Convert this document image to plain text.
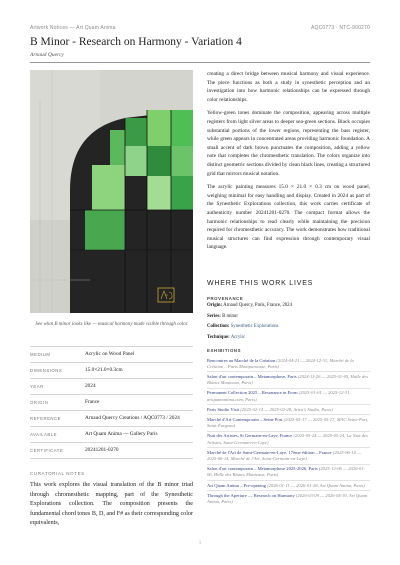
Artwork Notices — Art Quam Anima	AQC0773 · NTC-900270
B Minor - Research on Harmony - Variation 4
Arnaud Quercy
See what B minor looks like — musical harmony made visible through color
MEDIUM	Acrylic on Wood Panel
DIMENSIONS	15.0×21.0×0.3cm
YEAR	2024
ORIGIN	France
REFERENCE	Arnaud Quercy Creations / AQC0773 / 2024
AVAILABLE	Art Quam Anima — Gallery Paris
CERTIFICATE	20241201-0270
CURATORIAL NOTES
This work explores the visual translation of the B minor triad through chromesthetic mapping, part of the Synesthetic Explorations collection. The composition presents the fundamental chord tones B, D, and F# as their corresponding color equivalents,

creating a direct bridge between musical harmony and visual experience. The piece functions as both a study in synesthetic perception and an investigation into how harmonic relationships can be expressed through color relationships.

Yellow-green tones dominate the composition, appearing across multiple registers from light silver areas to deeper sea-green sections. Black occupies substantial portions of the lower regions, representing the bass register, while green appears in concentrated areas providing harmonic foundation. A small accent of dark brown punctuates the composition, adding a yellow note that completes the chromesthetic translation. The colors organize into distinct geometric sections divided by clean black lines, creating a structured grid that mirrors musical notation.

The acrylic painting measures 15.0 × 21.0 × 0.3 cm on wood panel, weighing minimal for easy handling and display. Created in 2024 as part of the Synesthetic Explorations collection, this work carries certificate of authenticity number 20241201-0270. The compact format allows the harmonic relationships to read clearly while maintaining the precision required for chromesthetic accuracy. The work demonstrates how traditional musical structures can find expression through contemporary visual language.

WHERE THIS WORK LIVES
PROVENANCE
Origin: Arnaud Quercy, Paris, France, 2024
Series: B minor
Collection: Synesthetic Explorations
Technique: Acrylic
EXHIBITIONS
Rencontres au Marché de la Création (2024-04-21 — 2024-12-31, Marché de la Création – Paris Montparnasse, Paris)
Salon d'art contemporain – Metamorphose, Paris (2024-11-26 — 2025-01-05, Halle des Blancs Manteaux, Paris)
Permanent Collection 2025 – Resonance in Form (2025-01-01 — 2025-12-31, artquamanima.com, Paris)
Paris Studio Visit (2025-02-14 — 2025-02-28, Artist's Studio, Paris)
Marché d'Art Contemporain – Seine Port (2025-05-17 — 2025-05-17, MAC Seine-Port, Saint-Fargeau)
Nuit des Artistes, St Germain-en-Laye, France (2025-05-24 — 2025-05-24, La Nuit des Artistes, Saint-Germain-en-Laye)
Marché de l'Art de Saint-Germain-en-Laye, 17ème édition – France (2025-06-14 — 2025-06-14, Marché de l'Art, Saint-Germain-en-Laye)
Salon d'art contemporain – Metamorphose 2025-2026, Paris (2025-12-06 — 2026-01-06, Halle des Blancs Manteaux, Paris)
Art Quam Anima – Pre-opening (2026-01-11 — 2026-01-28, Art Quam Anima, Paris)
Through the Aperture — Research on Harmony (2026-03-09 — 2026-04-30, Art Quam Anima, Paris)
1
